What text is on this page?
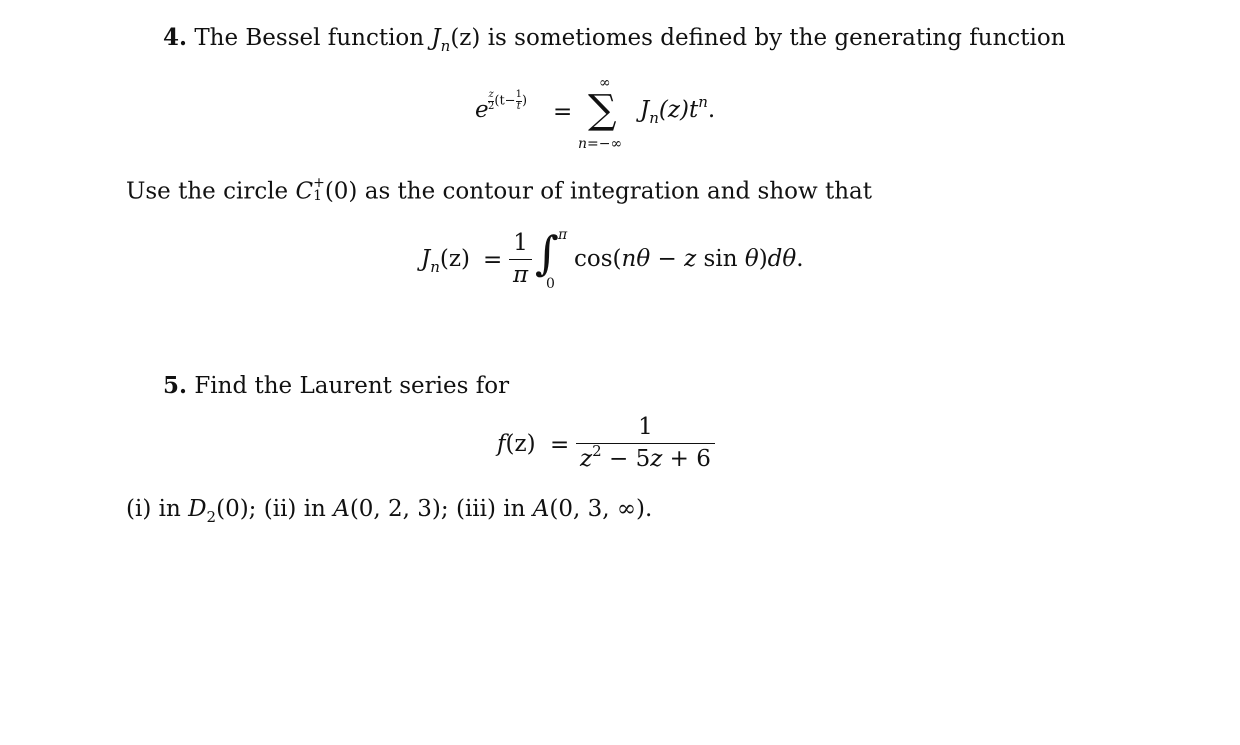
4. The Bessel function $J_n(z)$ is sometiomes defined by the generating function
e $\frac{z}{2} (t- \frac{1}{t}$ ) =
∞
∑
n=−∞
$J_n(z)t^n$.
Use the circle C +
1 (0) as the contour of integration and show that
$J_n(z) = \frac{1}{\pi}$ ∫ π
0
cos(nθ − z sin θ)dθ.
5. Find the Laurent series for
$f(z) = \frac{1}{z^2 - 5z + 6}$
(i) in $D_2(0)$; (ii) in A(0, 2, 3); (iii) in A(0, 3, ∞).
